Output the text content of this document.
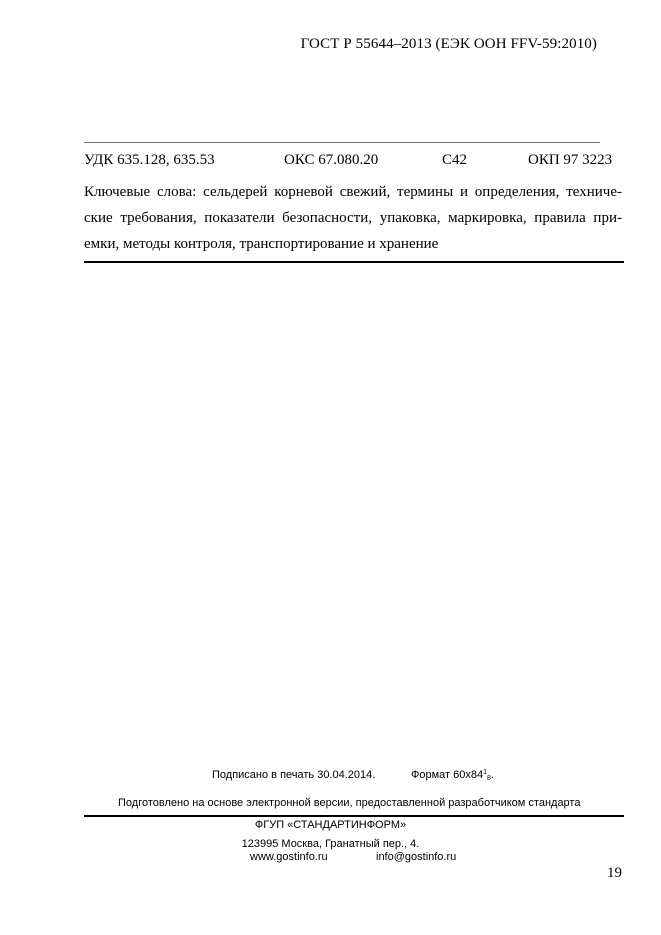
ГОСТ Р 55644–2013 (ЕЭК ООН FFV-59:2010)
УДК 635.128, 635.53	ОКС 67.080.20	С42	ОКП 97 3223
Ключевые слова: сельдерей корневой свежий, термины и определения, техниче-
ские требования, показатели безопасности, упаковка, маркировка, правила при-
емки, методы контроля, транспортирование и хранение
Подписано в печать 30.04.2014.	Формат $60x84^1_8$.
Подготовлено на основе электронной версии, предоставленной разработчиком стандарта
ФГУП «СТАНДАРТИНФОРМ»
123995 Москва, Гранатный пер., 4.
www.gostinfo.ru	info@gostinfo.ru
19
